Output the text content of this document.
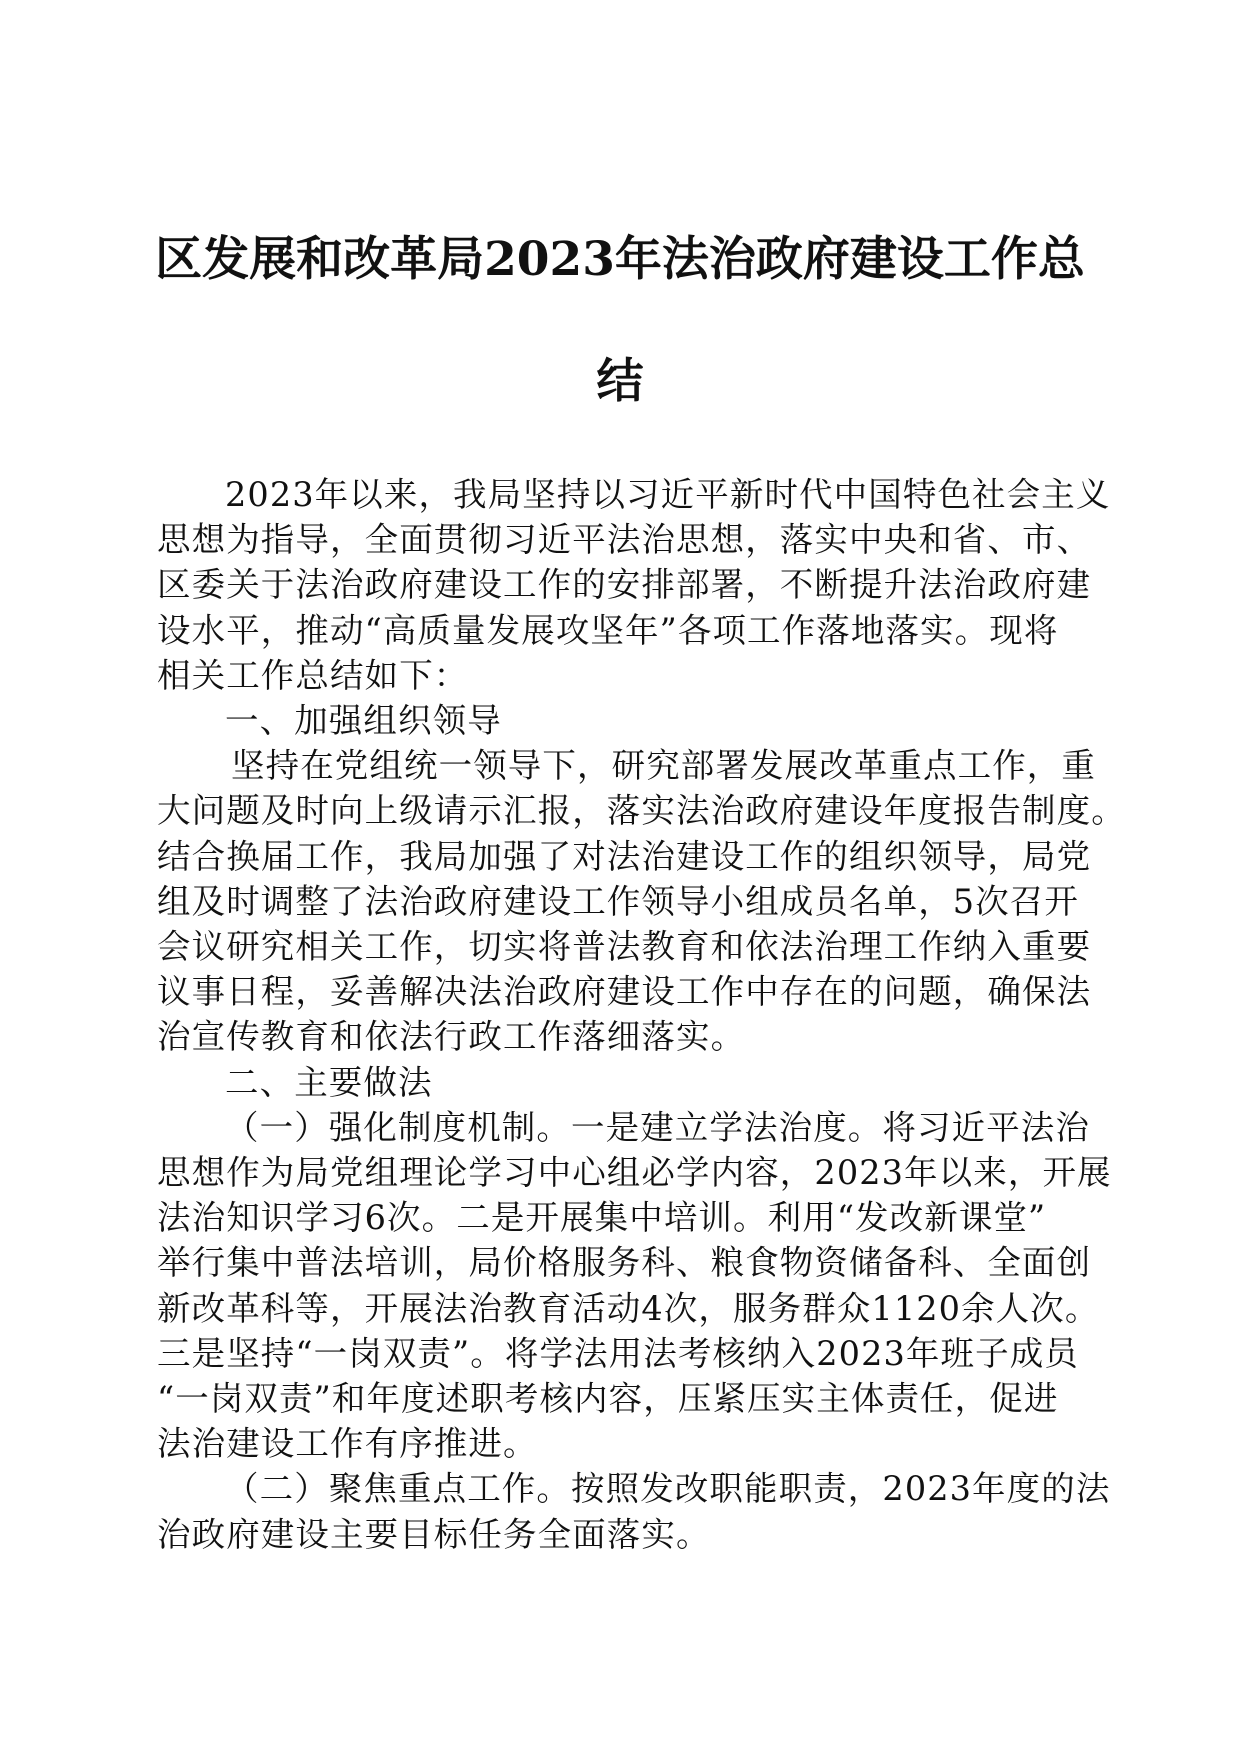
区发展和改革局2023年法治政府建设工作总
结

2023年以来，我局坚持以习近平新时代中国特色社会主义
思想为指导，全面贯彻习近平法治思想，落实中央和省、市、
区委关于法治政府建设工作的安排部署，不断提升法治政府建
设水平，推动“高质量发展攻坚年”各项工作落地落实。现将
相关工作总结如下：

一、加强组织领导

坚持在党组统一领导下，研究部署发展改革重点工作，重
大问题及时向上级请示汇报，落实法治政府建设年度报告制度。
结合换届工作，我局加强了对法治建设工作的组织领导，局党
组及时调整了法治政府建设工作领导小组成员名单，5次召开
会议研究相关工作，切实将普法教育和依法治理工作纳入重要
议事日程，妥善解决法治政府建设工作中存在的问题，确保法
治宣传教育和依法行政工作落细落实。

二、主要做法

（一）强化制度机制。一是建立学法治度。将习近平法治
思想作为局党组理论学习中心组必学内容，2023年以来，开展
法治知识学习6次。二是开展集中培训。利用“发改新课堂”
举行集中普法培训，局价格服务科、粮食物资储备科、全面创
新改革科等，开展法治教育活动4次，服务群众1120余人次。
三是坚持“一岗双责”。将学法用法考核纳入2023年班子成员
“一岗双责”和年度述职考核内容，压紧压实主体责任，促进
法治建设工作有序推进。

（二）聚焦重点工作。按照发改职能职责，2023年度的法
治政府建设主要目标任务全面落实。
